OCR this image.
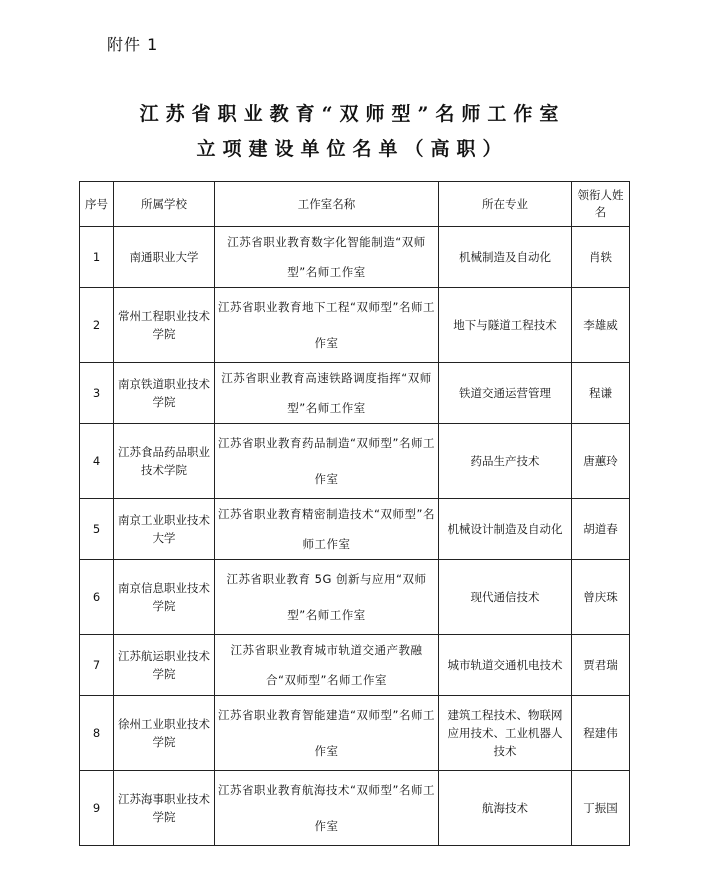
附件 1
江苏省职业教育“双师型”名师工作室
立项建设单位名单（高职）
序号	所属学校	工作室名称	所在专业	领衔人姓名
1	南通职业大学	江苏省职业教育数字化智能制造“双师型”名师工作室	机械制造及自动化	肖轶
2	常州工程职业技术学院	江苏省职业教育地下工程“双师型”名师工作室	地下与隧道工程技术	李雄威
3	南京铁道职业技术学院	江苏省职业教育高速铁路调度指挥“双师型”名师工作室	铁道交通运营管理	程谦
4	江苏食品药品职业技术学院	江苏省职业教育药品制造“双师型”名师工作室	药品生产技术	唐蕙玲
5	南京工业职业技术大学	江苏省职业教育精密制造技术“双师型”名师工作室	机械设计制造及自动化	胡道春
6	南京信息职业技术学院	江苏省职业教育 5G 创新与应用“双师型”名师工作室	现代通信技术	曾庆珠
7	江苏航运职业技术学院	江苏省职业教育城市轨道交通产教融合“双师型”名师工作室	城市轨道交通机电技术	贾君瑞
8	徐州工业职业技术学院	江苏省职业教育智能建造“双师型”名师工作室	建筑工程技术、物联网应用技术、工业机器人技术	程建伟
9	江苏海事职业技术学院	江苏省职业教育航海技术“双师型”名师工作室	航海技术	丁振国
